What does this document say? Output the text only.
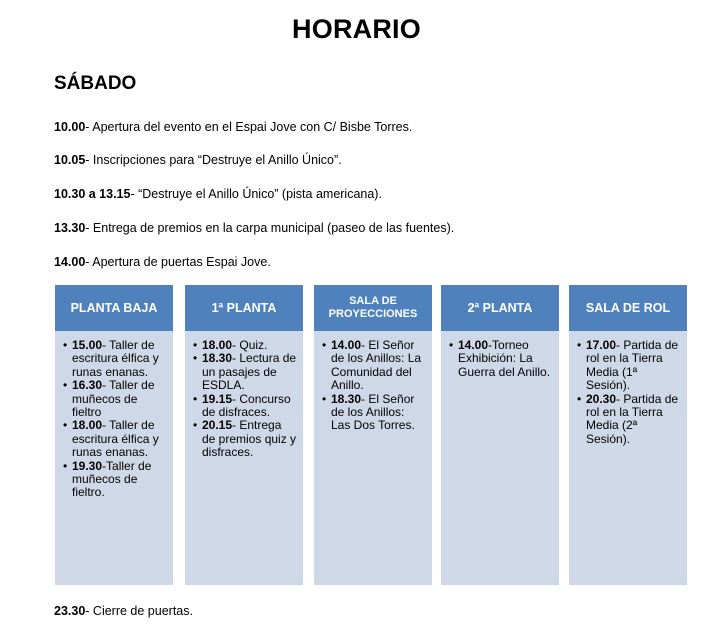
HORARIO
SÁBADO
10.00- Apertura del evento en el Espai Jove con C/ Bisbe Torres.
10.05- Inscripciones para “Destruye el Anillo Único”.
10.30 a 13.15- “Destruye el Anillo Único” (pista americana).
13.30- Entrega de premios en la carpa municipal (paseo de las fuentes).
14.00- Apertura de puertas Espai Jove.
PLANTA BAJA
• 15.00- Taller de escritura élfica y runas enanas.
• 16.30- Taller de muñecos de fieltro
• 18.00- Taller de escritura élfica y runas enanas.
• 19.30-Taller de muñecos de fieltro.
1ª PLANTA
• 18.00- Quiz.
• 18.30- Lectura de un pasajes de ESDLA.
• 19.15- Concurso de disfraces.
• 20.15- Entrega de premios quiz y disfraces.
SALA DE PROYECCIONES
• 14.00- El Señor de los Anillos: La Comunidad del Anillo.
• 18.30- El Señor de los Anillos: Las Dos Torres.
2ª PLANTA
• 14.00-Torneo Exhibición: La Guerra del Anillo.
SALA DE ROL
• 17.00- Partida de rol en la Tierra Media (1ª Sesión).
• 20.30- Partida de rol en la Tierra Media (2ª Sesión).
23.30- Cierre de puertas.
